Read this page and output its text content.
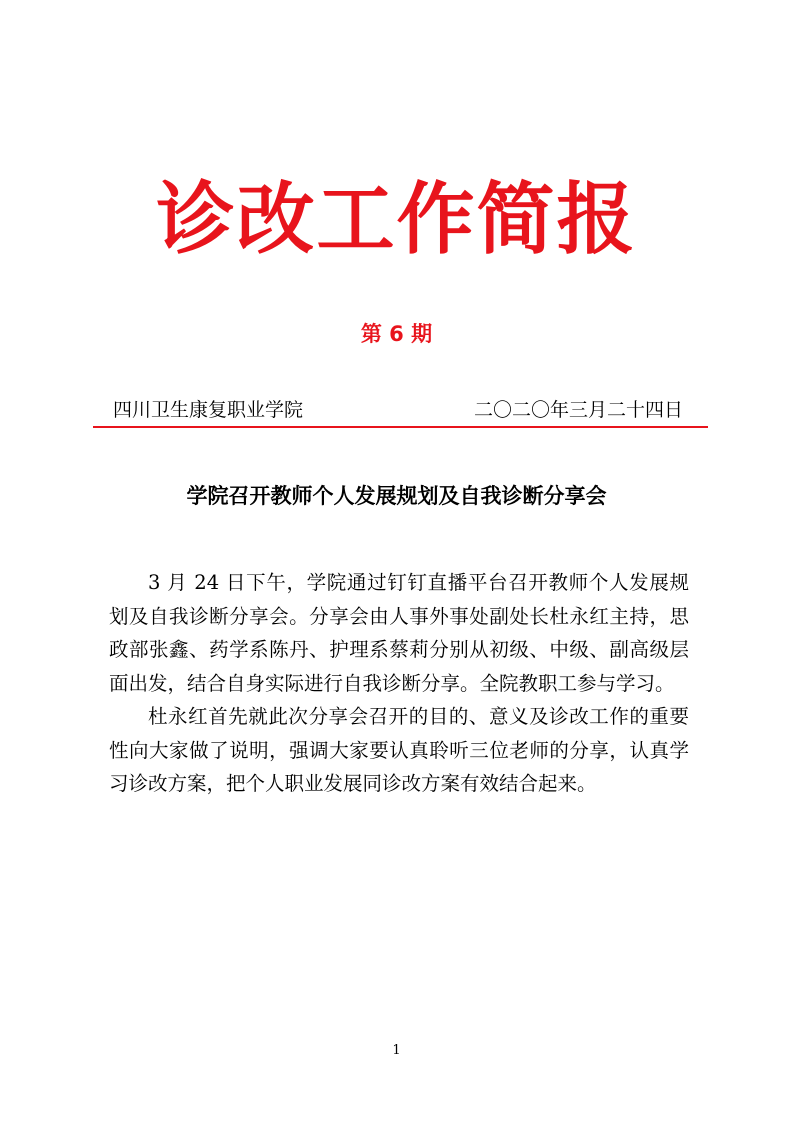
诊改工作简报
第 6 期
四川卫生康复职业学院	二〇二〇年三月二十四日
学院召开教师个人发展规划及自我诊断分享会

3 月 24 日下午，学院通过钉钉直播平台召开教师个人发展规划及自我诊断分享会。分享会由人事外事处副处长杜永红主持，思政部张鑫、药学系陈丹、护理系蔡莉分别从初级、中级、副高级层面出发，结合自身实际进行自我诊断分享。全院教职工参与学习。

杜永红首先就此次分享会召开的目的、意义及诊改工作的重要性向大家做了说明，强调大家要认真聆听三位老师的分享，认真学习诊改方案，把个人职业发展同诊改方案有效结合起来。

1
